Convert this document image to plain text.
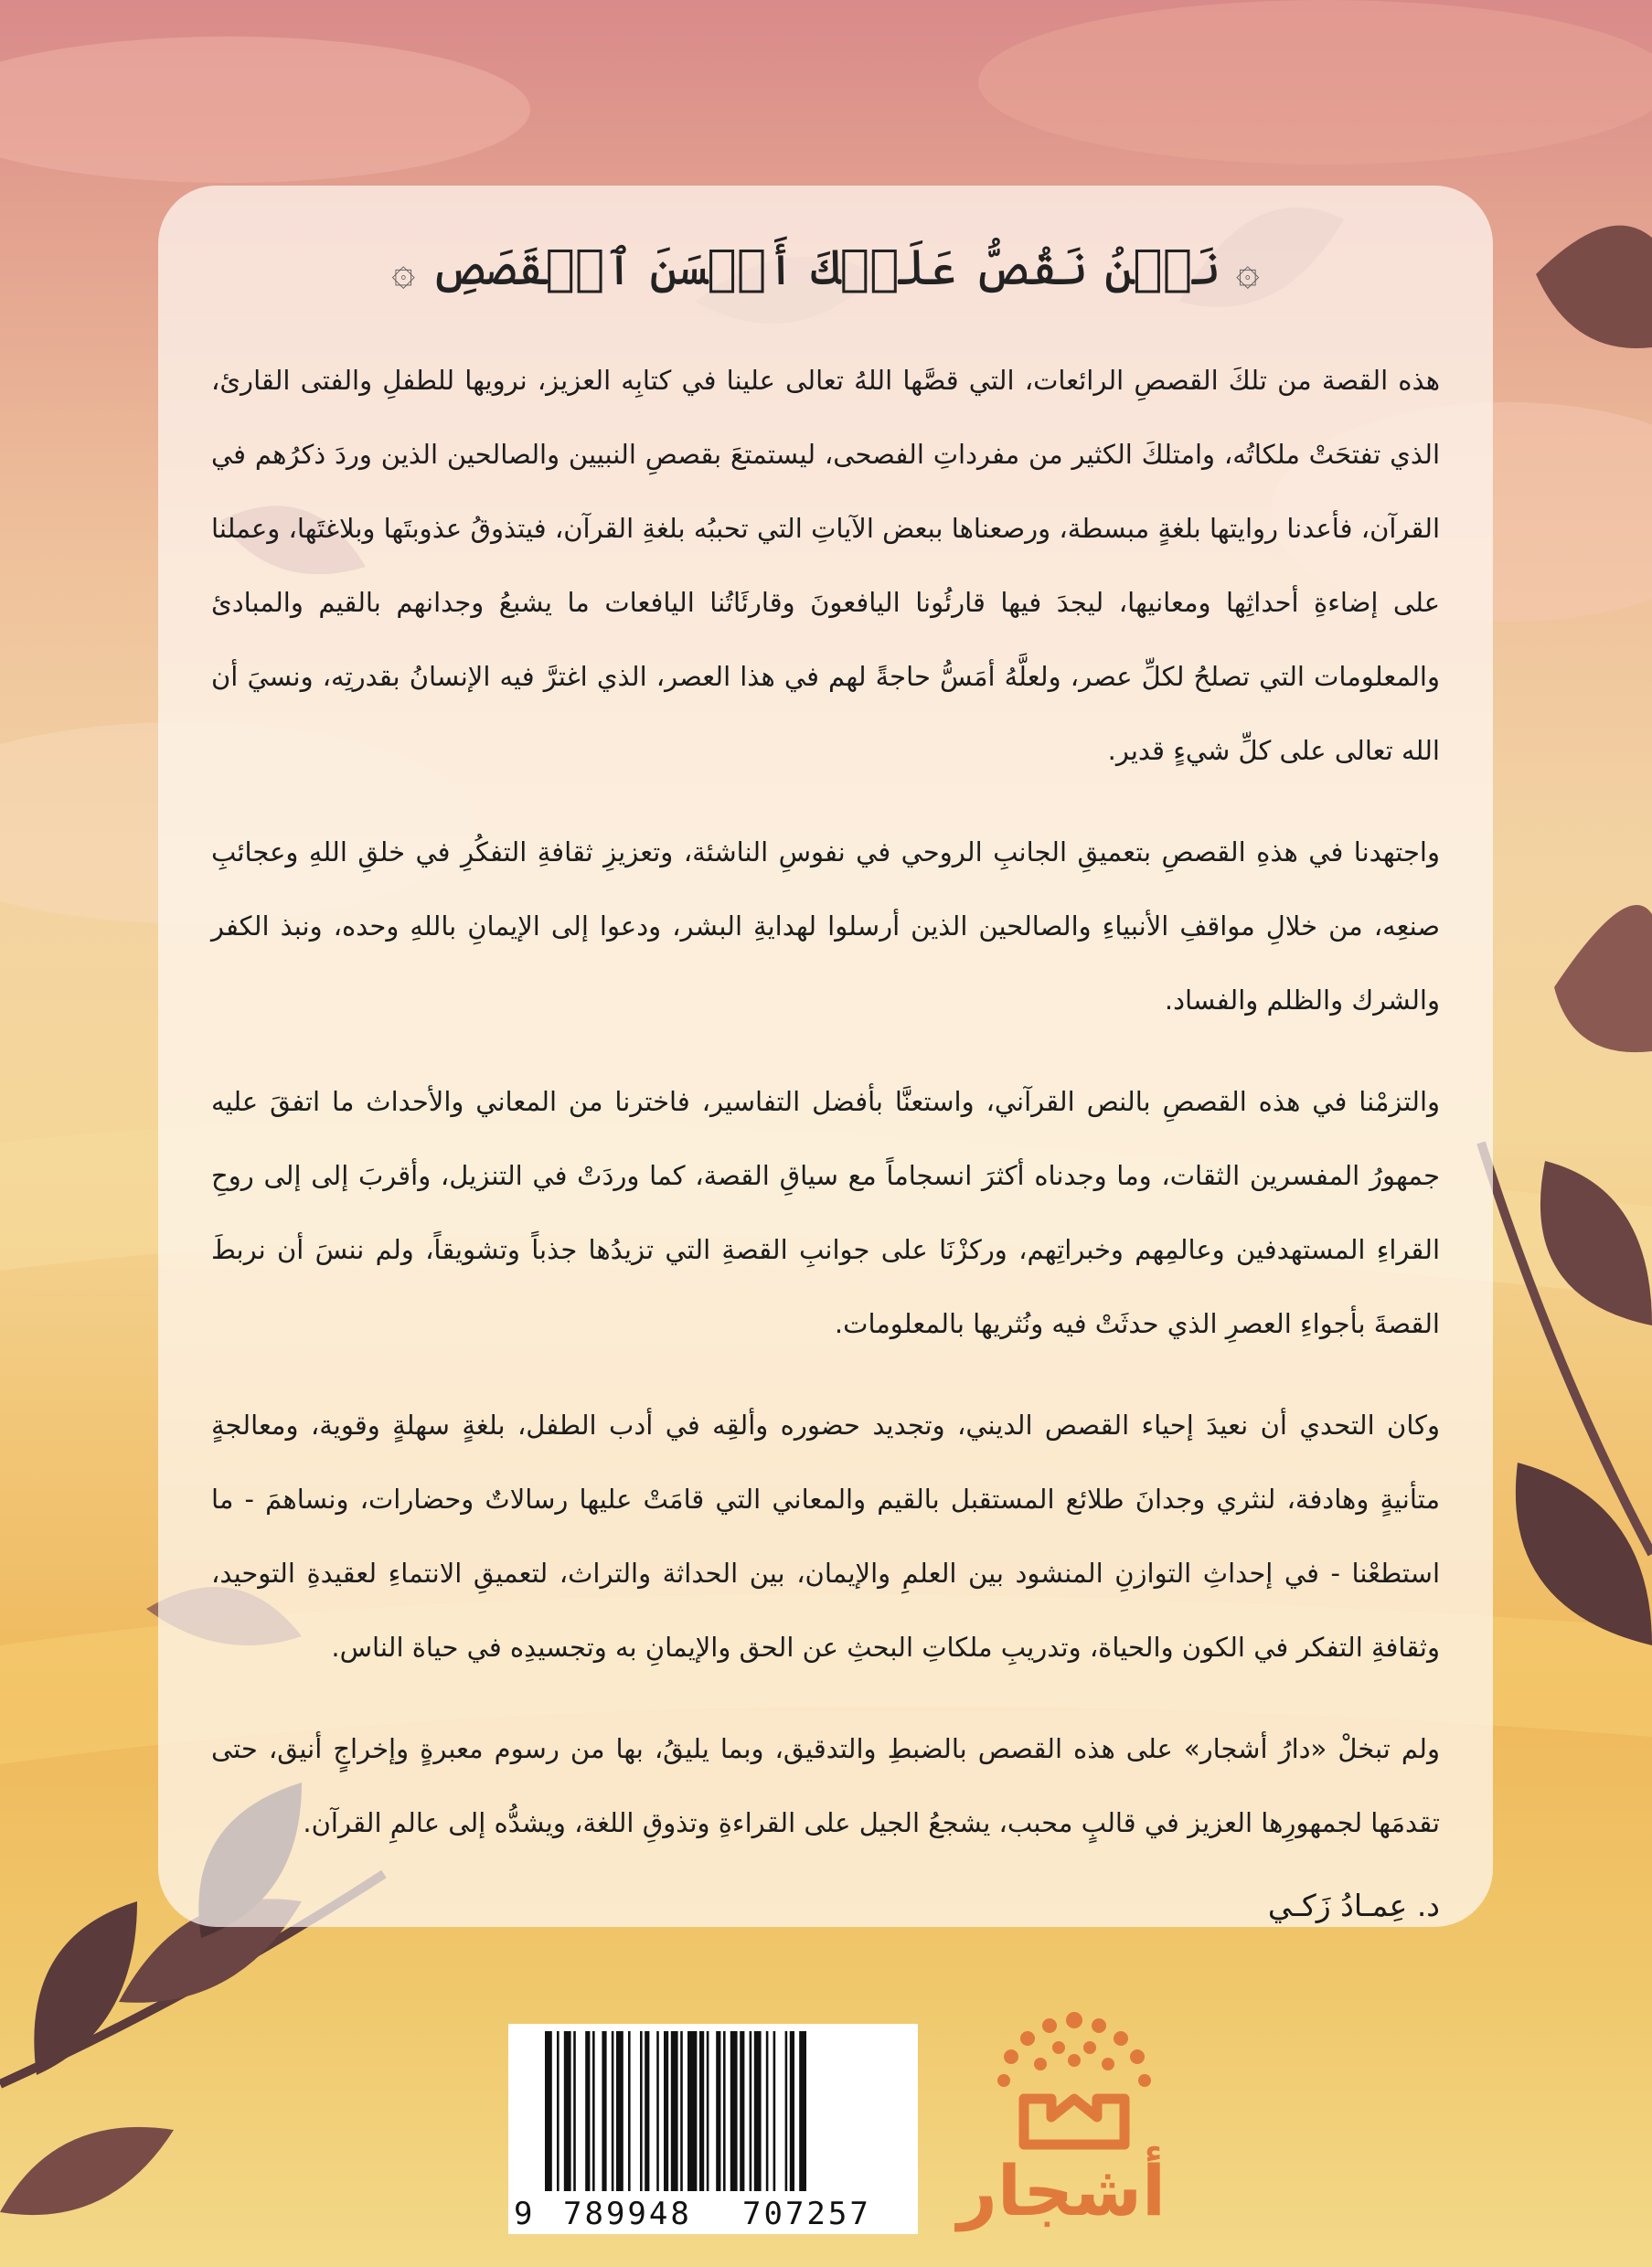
۞نَحۡنُ نَقُصُّ عَلَيۡكَ أَحۡسَنَ ٱلۡقَصَصِ۞

هذه القصة من تلكَ القصصِ الرائعات، التي قصَّها اللهُ تعالى علينا في كتابِه العزيز، نرويها للطفلِ والفتى القارئ، الذي تفتحَتْ ملكاتُه، وامتلكَ الكثير من مفرداتِ الفصحى، ليستمتعَ بقصصِ النبيين والصالحين الذين وردَ ذكرُهم في القرآن، فأعدنا روايتها بلغةٍ مبسطة، ورصعناها ببعض الآياتِ التي تحببُه بلغةِ القرآن، فيتذوقُ عذوبتَها وبلاغتَها، وعملنا على إضاءةِ أحداثِها ومعانيها، ليجدَ فيها قارئُونا اليافعونَ وقارئَاتُنا اليافعات ما يشبعُ وجدانهم بالقيم والمبادئ والمعلومات التي تصلحُ لكلِّ عصر، ولعلَّهُ أمَسُّ حاجةً لهم في هذا العصر، الذي اغترَّ فيه الإنسانُ بقدرتِه، ونسيَ أن الله تعالى على كلِّ شيءٍ قدير.

واجتهدنا في هذهِ القصصِ بتعميقِ الجانبِ الروحي في نفوسِ الناشئة، وتعزيزِ ثقافةِ التفكُرِ في خلقِ اللهِ وعجائبِ صنعِه، من خلالِ مواقفِ الأنبياءِ والصالحين الذين أرسلوا لهدايةِ البشر، ودعوا إلى الإيمانِ باللهِ وحده، ونبذ الكفر والشرك والظلم والفساد.

والتزمْنا في هذه القصصِ بالنص القرآني، واستعنَّا بأفضل التفاسير، فاخترنا من المعاني والأحداث ما اتفقَ عليه جمهورُ المفسرين الثقات، وما وجدناه أكثرَ انسجاماً مع سياقِ القصة، كما وردَتْ في التنزيل، وأقربَ إلى إلى روحِ القراءِ المستهدفين وعالمِهم وخبراتِهم، وركزْنَا على جوانبِ القصةِ التي تزيدُها جذباً وتشويقاً، ولم ننسَ أن نربطَ القصةَ بأجواءِ العصرِ الذي حدثَتْ فيه ونُثريها بالمعلومات.

وكان التحدي أن نعيدَ إحياء القصص الديني، وتجديد حضوره وألقِه في أدب الطفل، بلغةٍ سهلةٍ وقوية، ومعالجةٍ متأنيةٍ وهادفة، لنثري وجدانَ طلائع المستقبل بالقيم والمعاني التي قامَتْ عليها رسالاتٌ وحضارات، ونساهمَ - ما استطعْنا - في إحداثِ التوازنِ المنشود بين العلمِ والإيمان، بين الحداثة والتراث، لتعميقِ الانتماءِ لعقيدةِ التوحيد، وثقافةِ التفكر في الكون والحياة، وتدريبِ ملكاتِ البحثِ عن الحق والإيمانِ به وتجسيدِه في حياة الناس.

ولم تبخلْ «دارُ أشجار» على هذه القصص بالضبطِ والتدقيق، وبما يليقُ، بها من رسوم معبرةٍ وإخراجٍ أنيق، حتى تقدمَها لجمهورِها العزيز في قالبٍ محبب، يشجعُ الجيل على القراءةِ وتذوقِ اللغة، ويشدُّه إلى عالمِ القرآن.

د. عِمـادُ زَكـي
9 789948 707257 أشجار
